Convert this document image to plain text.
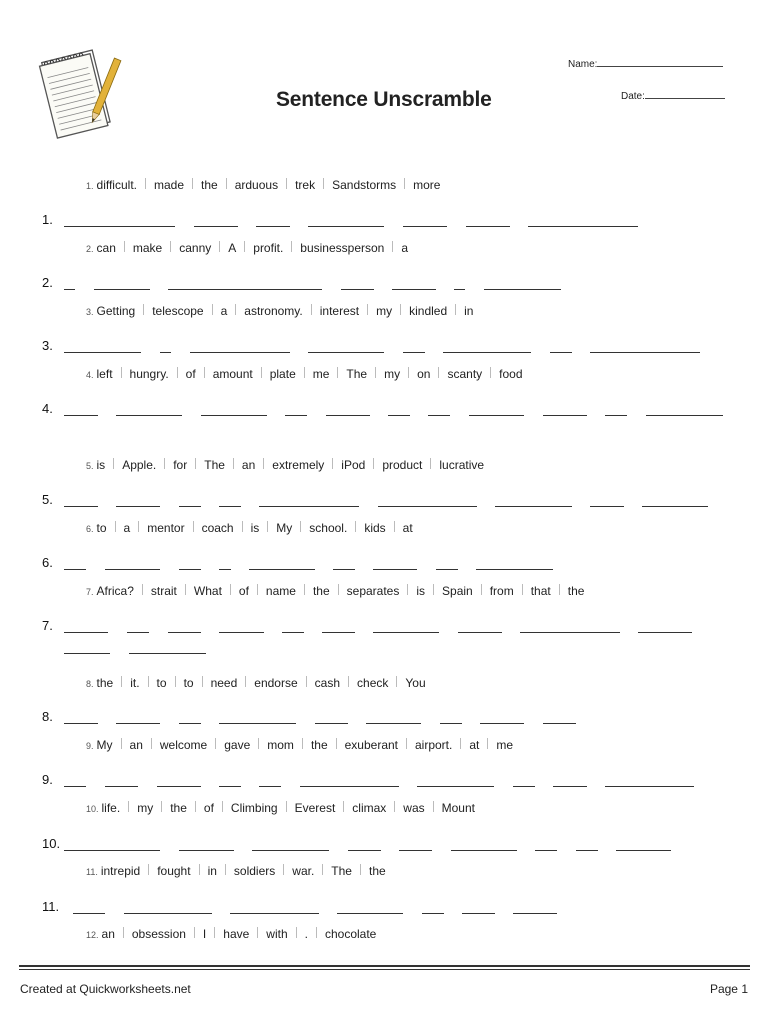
Sentence Unscramble
Name:
Date:
1. difficult. made the arduous trek Sandstorms more
1.
2. can make canny A profit. businessperson a
2.
3. Getting telescope a astronomy. interest my kindled in
3.
4. left hungry. of amount plate me The my on scanty food
4.
5. is Apple. for The an extremely iPod product lucrative
5.
6. to a mentor coach is My school. kids at
6.
7. Africa? strait What of name the separates is Spain from that the
7.
8. the it. to to need endorse cash check You
8.
9. My an welcome gave mom the exuberant airport. at me
9.
10. life. my the of Climbing Everest climax was Mount
10.
11. intrepid fought in soldiers war. The the
11.
12. an obsession I have with . chocolate
Created at Quickworksheets.net	Page 1
